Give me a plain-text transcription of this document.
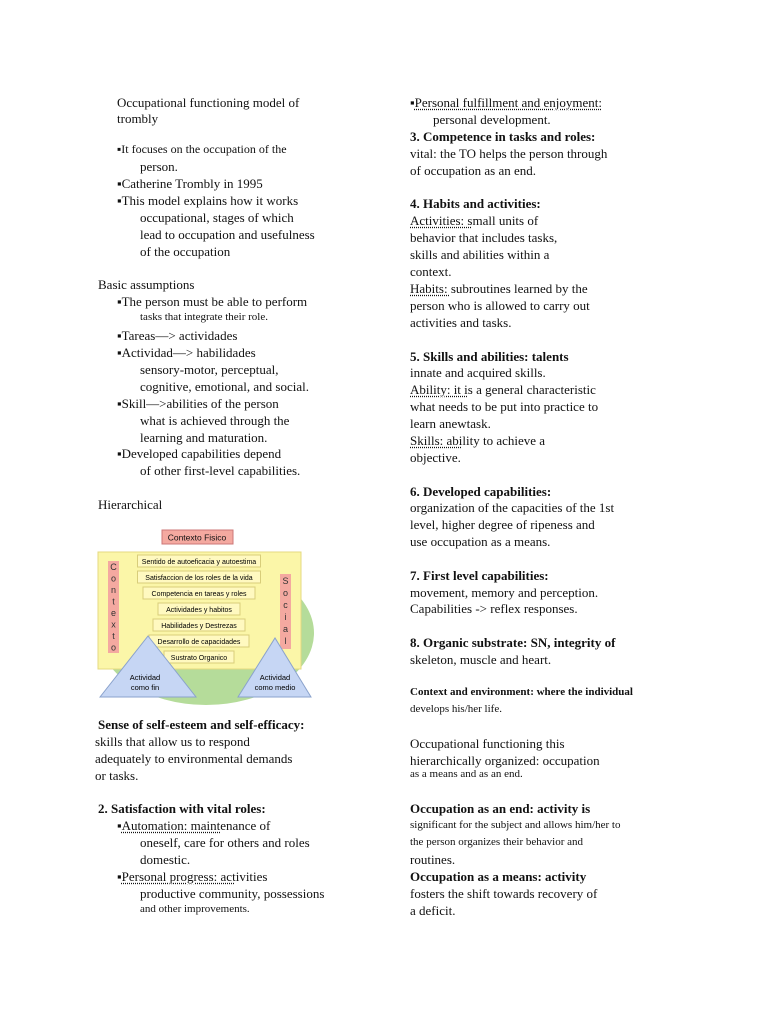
Occupational functioning model of

trombly

▪ It focuses on the occupation of the

person.

▪ Catherine Trombly in 1995

▪ This model explains how it works

occupational, stages of which

lead to occupation and usefulness

of the occupation

Basic assumptions

▪ The person must be able to perform

tasks that integrate their role.

▪ Tareas—> actividades

▪ Actividad—> habilidades

sensory-motor, perceptual,

cognitive, emotional, and social.

▪ Skill—>abilities of the person

what is achieved through the

learning and maturation.

▪ Developed capabilities depend

of other first-level capabilities.

Hierarchical

Contexto Fisico
C
o
n
t
e
x
t
o
S
o
c
i
a
l
Sentido de autoeficacia y autoestima
Satisfaccion de los roles de la vida
Competencia en tareas y roles
Actividades y habitos
Habilidades y Destrezas
Desarrollo de capacidades
Sustrato Organico
Actividad
como fin
Actividad
como medio

Sense of self-esteem and self-efficacy:

skills that allow us to respond

adequately to environmental demands

or tasks.

2. Satisfaction with vital roles:

▪ Automation: maintenance of

oneself, care for others and roles

domestic.

▪ Personal progress: activities

productive community, possessions

and other improvements.

▪ Personal fulfillment and enjoyment:

personal development.

3. Competence in tasks and roles:

vital: the TO helps the person through

of occupation as an end.

4. Habits and activities:

Activities: small units of

behavior that includes tasks,

skills and abilities within a

context.

Habits: subroutines learned by the

person who is allowed to carry out

activities and tasks.

5. Skills and abilities: talents

innate and acquired skills.

Ability: it is a general characteristic

what needs to be put into practice to

learn anewtask.

Skills: ability to achieve a

objective.

6. Developed capabilities:

organization of the capacities of the 1st

level, higher degree of ripeness and

use occupation as a means.

7. First level capabilities:

movement, memory and perception.

Capabilities -> reflex responses.

8. Organic substrate: SN, integrity of

skeleton, muscle and heart.

Context and environment: where the individual

develops his/her life.

Occupational functioning this

hierarchically organized: occupation

as a means and as an end.

Occupation as an end: activity is

significant for the subject and allows him/her to

the person organizes their behavior and

routines.

Occupation as a means: activity

fosters the shift towards recovery of

a deficit.
